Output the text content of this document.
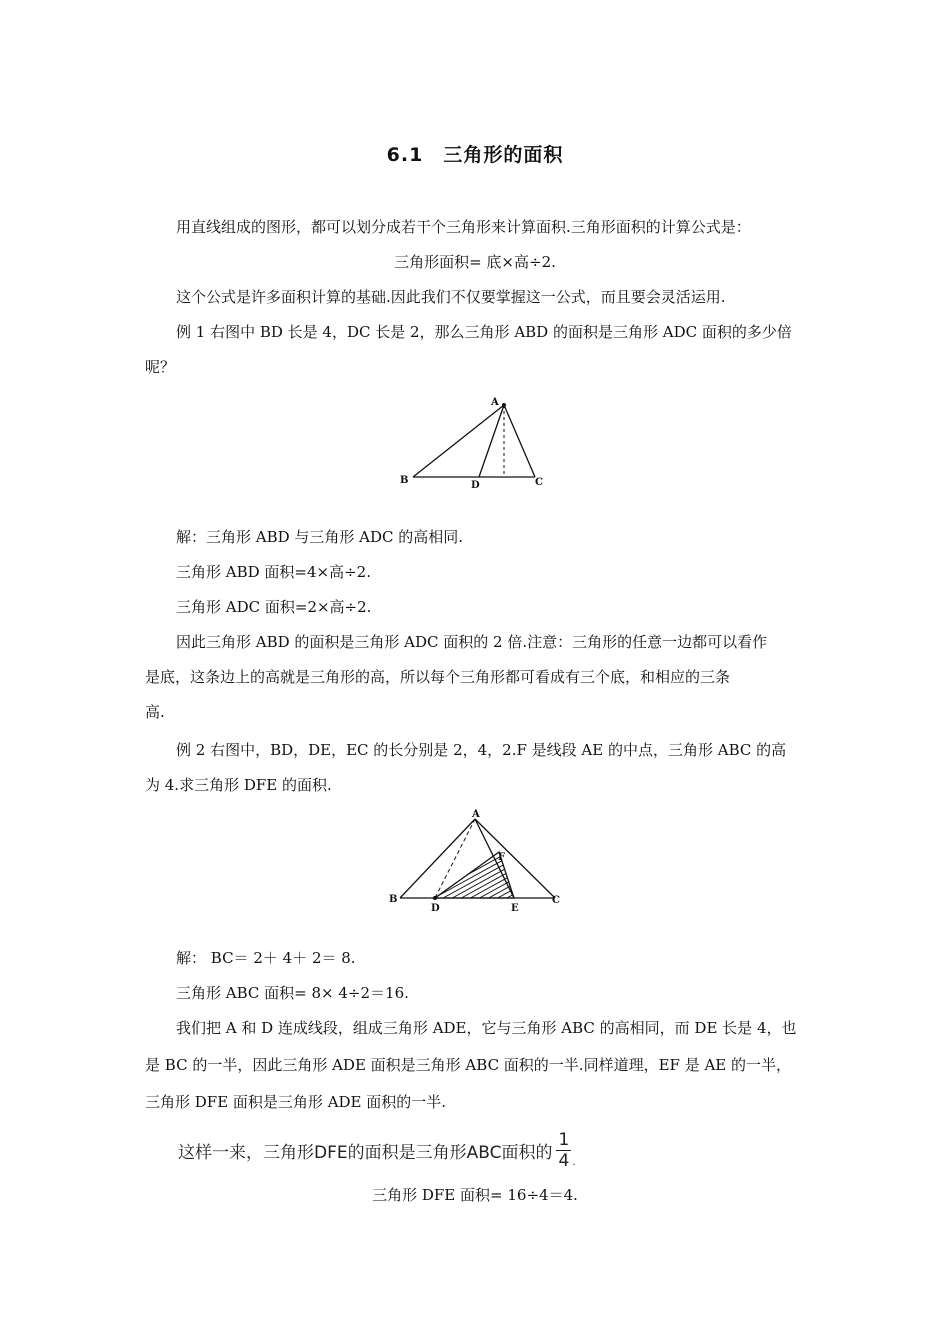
6.1　三角形的面积
用直线组成的图形，都可以划分成若干个三角形来计算面积.三角形面积的计算公式是：
三角形面积= 底×高÷2.
这个公式是许多面积计算的基础.因此我们不仅要掌握这一公式，而且要会灵活运用.
例 1 右图中 BD 长是 4，DC 长是 2，那么三角形 ABD 的面积是三角形 ADC 面积的多少倍
呢？
A
B	D	C
解：三角形 ABD 与三角形 ADC 的高相同.
三角形 ABD 面积=4×高÷2.
三角形 ADC 面积=2×高÷2.
因此三角形 ABD 的面积是三角形 ADC 面积的 2 倍.注意：三角形的任意一边都可以看作
是底，这条边上的高就是三角形的高，所以每个三角形都可看成有三个底，和相应的三条
高.
例 2 右图中，BD，DE，EC 的长分别是 2，4，2.F 是线段 AE 的中点，三角形 ABC 的高
为 4.求三角形 DFE 的面积.
A
B
D	E
F
C
解： BC＝ 2＋ 4＋ 2＝ 8.
三角形 ABC 面积= 8× 4÷2＝16.
我们把 A 和 D 连成线段，组成三角形 ADE，它与三角形 ABC 的高相同，而 DE 长是 4，也
是 BC 的一半，因此三角形 ADE 面积是三角形 ABC 面积的一半.同样道理，EF 是 AE 的一半，
三角形 DFE 面积是三角形 ADE 面积的一半.
这样一来，三角形DFE的面积是三角形ABC面积的 $\frac{1}{4}$ .
三角形 DFE 面积= 16÷4＝4.
